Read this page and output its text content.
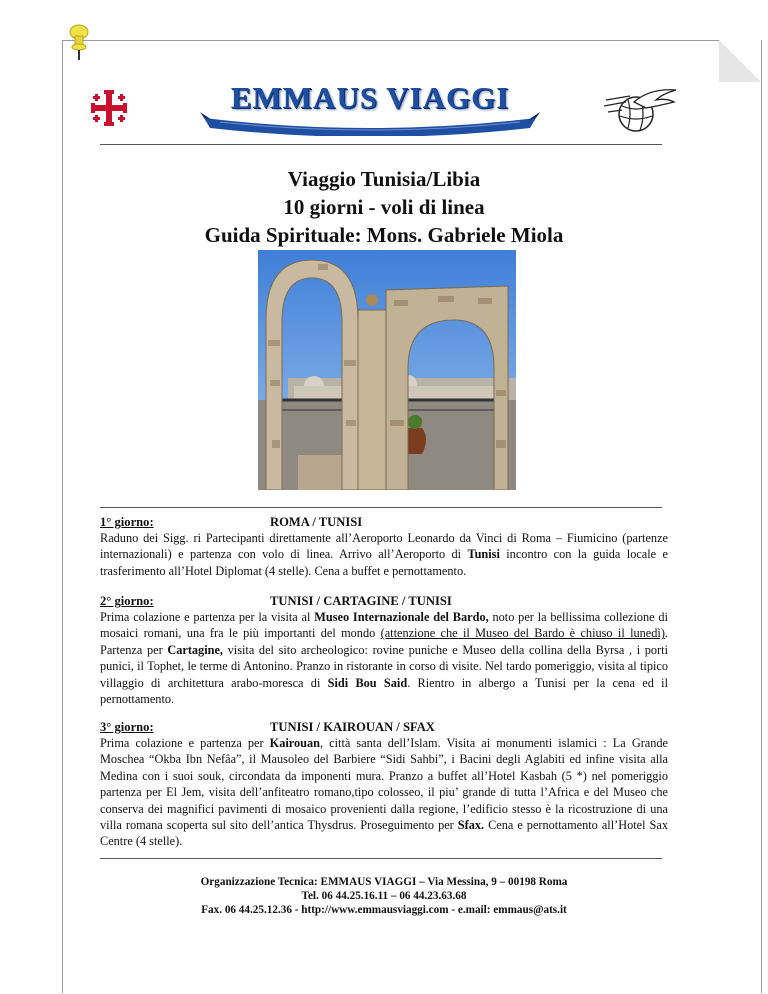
EMMAUS VIAGGI
Viaggio Tunisia/Libia
10 giorni - voli di linea
Guida Spirituale: Mons. Gabriele Miola
1° giorno:	ROMA / TUNISI
Raduno dei Sigg. ri Partecipanti direttamente all’Aeroporto Leonardo da Vinci di Roma – Fiumicino (partenze internazionali) e partenza con volo di linea. Arrivo all’Aeroporto di Tunisi incontro con la guida locale e trasferimento all’Hotel Diplomat (4 stelle). Cena a buffet e pernottamento.
2° giorno:	TUNISI / CARTAGINE / TUNISI
Prima colazione e partenza per la visita al Museo Internazionale del Bardo, noto per la bellissima collezione di mosaici romani, una fra le più importanti del mondo (attenzione che il Museo del Bardo è chiuso il lunedì). Partenza per Cartagine, visita del sito archeologico: rovine puniche e Museo della collina della Byrsa , i porti punici, il Tophet, le terme di Antonino. Pranzo in ristorante in corso di visite. Nel tardo pomeriggio, visita al tipico villaggio di architettura arabo-moresca di Sidi Bou Said. Rientro in albergo a Tunisi per la cena ed il pernottamento.
3° giorno:	TUNISI / KAIROUAN / SFAX
Prima colazione e partenza per Kairouan, città santa dell’Islam. Visita ai monumenti islamici : La Grande Moschea “Okba Ibn Nefâa”, il Mausoleo del Barbiere “Sidi Sahbi”, i Bacini degli Aglabiti ed infine visita alla Medina con i suoi souk, circondata da imponenti mura. Pranzo a buffet all’Hotel Kasbah (5 *) nel pomeriggio partenza per El Jem, visita dell’anfiteatro romano,tipo colosseo, il piu’ grande di tutta l’Africa e del Museo che conserva dei magnifici pavimenti di mosaico provenienti dalla regione, l’edificio stesso è la ricostruzione di una villa romana scoperta sul sito dell’antica Thysdrus. Proseguimento per Sfax. Cena e pernottamento all’Hotel Sax Centre (4 stelle).
Organizzazione Tecnica: EMMAUS VIAGGI – Via Messina, 9 – 00198 Roma
Tel. 06 44.25.16.11 – 06 44.23.63.68
Fax. 06 44.25.12.36 - http://www.emmausviaggi.com - e.mail: emmaus@ats.it
